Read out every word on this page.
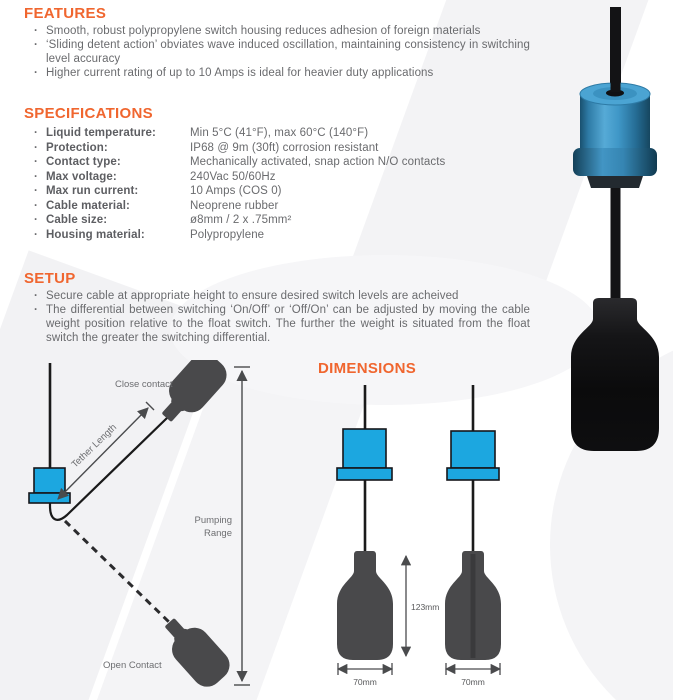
FEATURES
· Smooth, robust polypropylene switch housing reduces adhesion of foreign materials
· ‘Sliding detent action’ obviates wave induced oscillation, maintaining consistency in switching level accuracy
· Higher current rating of up to 10 Amps is ideal for heavier duty applications
SPECIFICATIONS
·
Liquid temperature:	Min 5°C (41°F), max 60°C (140°F)
·
Protection:	IP68 @ 9m (30ft) corrosion resistant
·
Contact type:	Mechanically activated, snap action N/O contacts
·
Max voltage:	240Vac 50/60Hz
·
Max run current:	10 Amps (COS 0)
·
Cable material:	Neoprene rubber
·
Cable size:	ø8mm / 2 x .75mm²
·
Housing material:	Polypropylene
SETUP
· Secure cable at appropriate height to ensure desired switch levels are acheived
· The differential between switching ‘On/Off’ or ‘Off/On’ can be adjusted by moving the cable weight position relative to the float switch. The further the weight is situated from the float switch the greater the switching differential.
Tether Length
Pumping
Range
Close contact
Open Contact
DIMENSIONS
123mm
70mm	70mm
